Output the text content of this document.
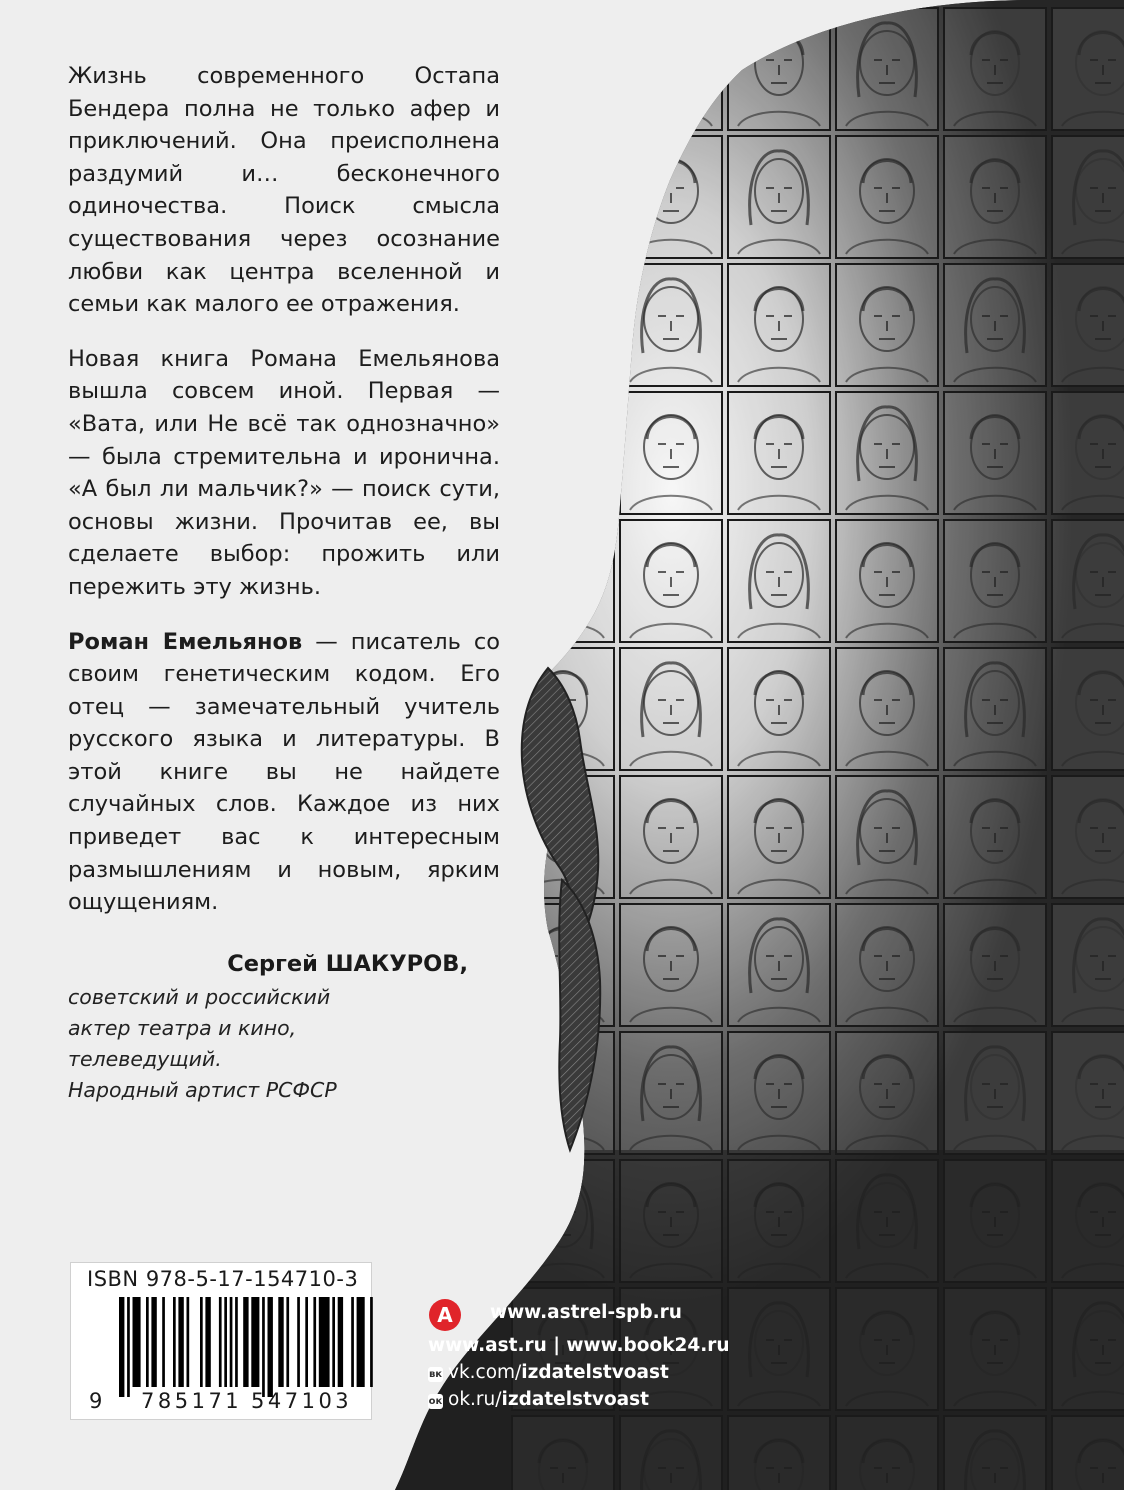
Жизнь современного Остапа Бендера полна не только афер и приключений. Она преисполнена раздумий и… бесконечного одиночества. Поиск смысла существования через осознание любви как центра вселенной и семьи как малого ее отражения.

Новая книга Романа Емельянова вышла совсем иной. Первая — «Вата, или Не всё так однозначно» — была стремительна и иронична. «А был ли мальчик?» — поиск сути, основы жизни. Прочитав ее, вы сделаете выбор: прожить или пережить эту жизнь.

Роман Емельянов — писатель со своим генетическим кодом. Его отец — замечательный учитель русского языка и литературы. В этой книге вы не найдете случайных слов. Каждое из них приведет вас к интересным размышлениям и новым, ярким ощущениям.

Сергей ШАКУРОВ,
советский и российский
актер театра и кино,
телеведущий.
Народный артист РСФСР
ISBN 978-5-17-154710-3
9 785171 547103
A www.astrel-spb.ru
www.ast.ru | www.book24.ru
вк vk.com/izdatelstvoast
ок ok.ru/izdatelstvoast
